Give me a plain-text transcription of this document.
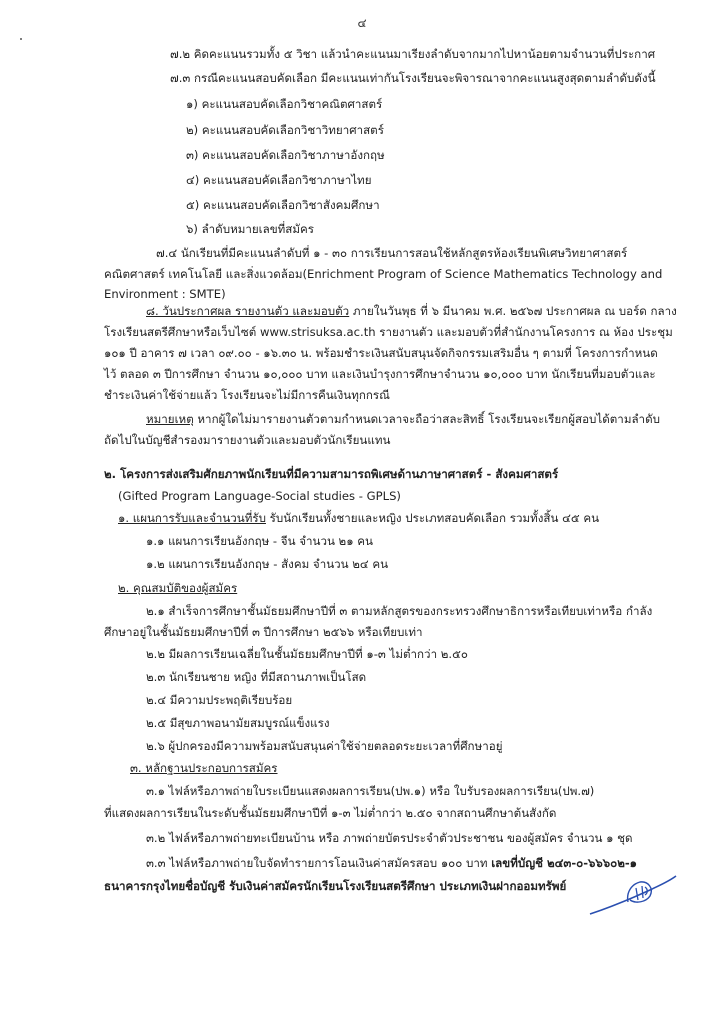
๔
๗.๒ คิดคะแนนรวมทั้ง ๕ วิชา แล้วนำคะแนนมาเรียงลำดับจากมากไปหาน้อยตามจำนวนที่ประกาศ
๗.๓ กรณีคะแนนสอบคัดเลือก มีคะแนนเท่ากันโรงเรียนจะพิจารณาจากคะแนนสูงสุดตามลำดับดังนี้
๑) คะแนนสอบคัดเลือกวิชาคณิตศาสตร์
๒) คะแนนสอบคัดเลือกวิชาวิทยาศาสตร์
๓) คะแนนสอบคัดเลือกวิชาภาษาอังกฤษ
๔) คะแนนสอบคัดเลือกวิชาภาษาไทย
๕) คะแนนสอบคัดเลือกวิชาสังคมศึกษา
๖) ลำดับหมายเลขที่สมัคร
๗.๔ นักเรียนที่มีคะแนนลำดับที่ ๑ - ๓๐ การเรียนการสอนใช้หลักสูตรห้องเรียนพิเศษวิทยาศาสตร์
คณิตศาสตร์ เทคโนโลยี และสิ่งแวดล้อม(Enrichment Program of Science Mathematics Technology and
Environment : SMTE)
๘. วันประกาศผล รายงานตัว และมอบตัว ภายในวันพุธ ที่ ๖ มีนาคม พ.ศ. ๒๕๖๗ ประกาศผล ณ บอร์ด กลาง
โรงเรียนสตรีศึกษาหรือเว็บไซต์ www.strisuksa.ac.th รายงานตัว และมอบตัวที่สำนักงานโครงการ ณ ห้อง ประชุม
๑๐๑ ปี อาคาร ๗ เวลา ๐๙.๐๐ - ๑๖.๓๐ น. พร้อมชำระเงินสนับสนุนจัดกิจกรรมเสริมอื่น ๆ ตามที่ โครงการกำหนด
ไว้ ตลอด ๓ ปีการศึกษา จำนวน ๑๐,๐๐๐ บาท และเงินบำรุงการศึกษาจำนวน ๑๐,๐๐๐ บาท นักเรียนที่มอบตัวและ
ชำระเงินค่าใช้จ่ายแล้ว โรงเรียนจะไม่มีการคืนเงินทุกกรณี
หมายเหตุ หากผู้ใดไม่มารายงานตัวตามกำหนดเวลาจะถือว่าสละสิทธิ์ โรงเรียนจะเรียกผู้สอบได้ตามลำดับ
ถัดไปในบัญชีสำรองมารายงานตัวและมอบตัวนักเรียนแทน
๒. โครงการส่งเสริมศักยภาพนักเรียนที่มีความสามารถพิเศษด้านภาษาศาสตร์ - สังคมศาสตร์
(Gifted Program Language-Social studies - GPLS)
๑. แผนการรับและจำนวนที่รับ รับนักเรียนทั้งชายและหญิง ประเภทสอบคัดเลือก รวมทั้งสิ้น ๔๕ คน
๑.๑ แผนการเรียนอังกฤษ - จีน จำนวน ๒๑ คน
๑.๒ แผนการเรียนอังกฤษ - สังคม จำนวน ๒๔ คน
๒. คุณสมบัติของผู้สมัคร
๒.๑ สำเร็จการศึกษาชั้นมัธยมศึกษาปีที่ ๓ ตามหลักสูตรของกระทรวงศึกษาธิการหรือเทียบเท่าหรือ กำลัง
ศึกษาอยู่ในชั้นมัธยมศึกษาปีที่ ๓ ปีการศึกษา ๒๕๖๖ หรือเทียบเท่า
๒.๒ มีผลการเรียนเฉลี่ยในชั้นมัธยมศึกษาปีที่ ๑-๓ ไม่ต่ำกว่า ๒.๕๐
๒.๓ นักเรียนชาย หญิง ที่มีสถานภาพเป็นโสด
๒.๔ มีความประพฤติเรียบร้อย
๒.๕ มีสุขภาพอนามัยสมบูรณ์แข็งแรง
๒.๖ ผู้ปกครองมีความพร้อมสนับสนุนค่าใช้จ่ายตลอดระยะเวลาที่ศึกษาอยู่
๓. หลักฐานประกอบการสมัคร
๓.๑ ไฟล์หรือภาพถ่ายใบระเบียนแสดงผลการเรียน(ปพ.๑) หรือ ใบรับรองผลการเรียน(ปพ.๗)
ที่แสดงผลการเรียนในระดับชั้นมัธยมศึกษาปีที่ ๑-๓ ไม่ต่ำกว่า ๒.๕๐ จากสถานศึกษาต้นสังกัด
๓.๒ ไฟล์หรือภาพถ่ายทะเบียนบ้าน หรือ ภาพถ่ายบัตรประจำตัวประชาชน ของผู้สมัคร จำนวน ๑ ชุด
๓.๓ ไฟล์หรือภาพถ่ายใบจัดทำรายการโอนเงินค่าสมัครสอบ ๑๐๐ บาท เลขที่บัญชี ๒๔๓-๐-๖๖๖๐๒-๑
ธนาคารกรุงไทยชื่อบัญชี รับเงินค่าสมัครนักเรียนโรงเรียนสตรีศึกษา ประเภทเงินฝากออมทรัพย์
